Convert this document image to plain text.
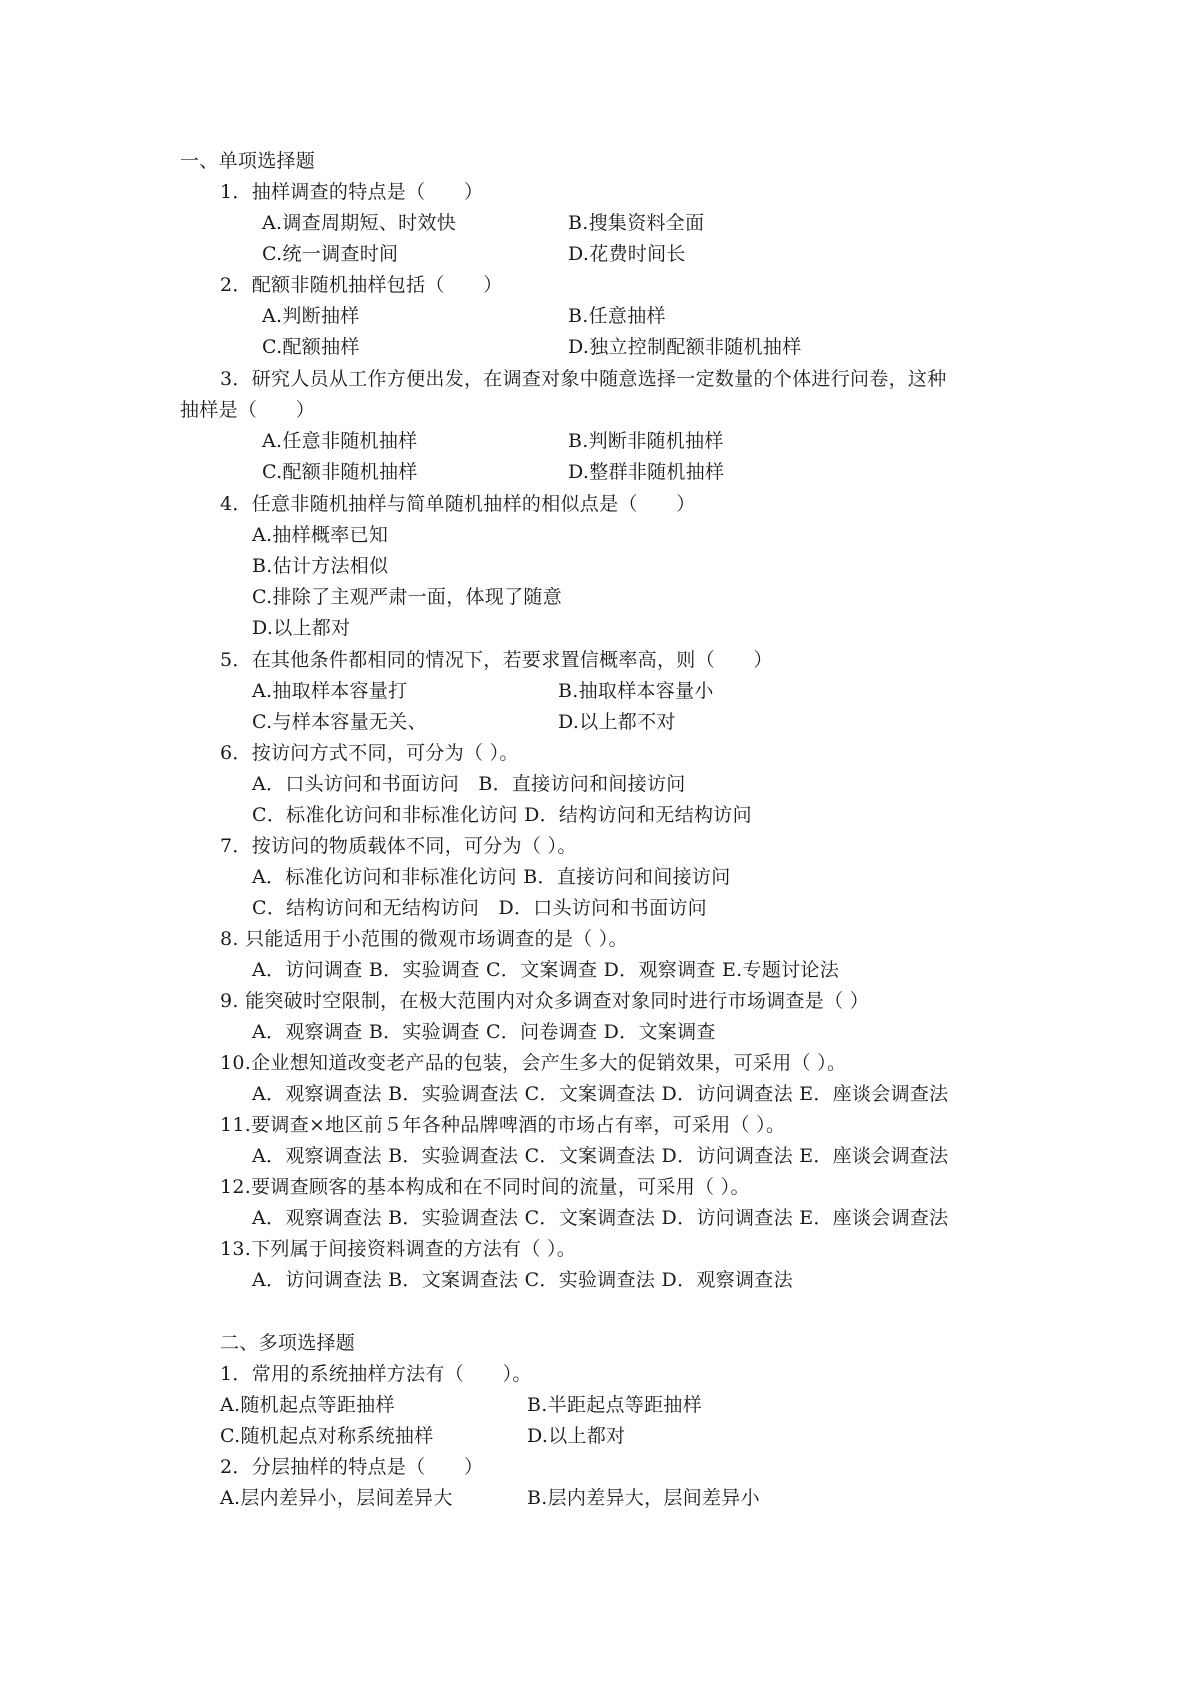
一、单项选择题
1．抽样调查的特点是（　　）
A.调查周期短、时效快	B.搜集资料全面
C.统一调查时间	D.花费时间长
2．配额非随机抽样包括（　　）
A.判断抽样	B.任意抽样
C.配额抽样	D.独立控制配额非随机抽样
3．研究人员从工作方便出发，在调查对象中随意选择一定数量的个体进行问卷，这种
抽样是（　　）
A.任意非随机抽样	B.判断非随机抽样
C.配额非随机抽样	D.整群非随机抽样
4．任意非随机抽样与简单随机抽样的相似点是（　　）
A.抽样概率已知
B.估计方法相似
C.排除了主观严肃一面，体现了随意
D.以上都对
5．在其他条件都相同的情况下，若要求置信概率高，则（　　）
A.抽取样本容量打	B.抽取样本容量小
C.与样本容量无关、	D.以上都不对
6．按访问方式不同，可分为（ ）。
A．口头访问和书面访问　B．直接访问和间接访问
C．标准化访问和非标准化访问 D．结构访问和无结构访问
7．按访问的物质载体不同，可分为（ ）。
A．标准化访问和非标准化访问 B．直接访问和间接访问
C．结构访问和无结构访问　D．口头访问和书面访问
8. 只能适用于小范围的微观市场调查的是（ ）。
A．访问调查 B．实验调查 C．文案调查 D．观察调查 E.专题讨论法
9. 能突破时空限制，在极大范围内对众多调查对象同时进行市场调查是（ ）
A．观察调查 B．实验调查 C．问卷调查 D．文案调查
10.企业想知道改变老产品的包装，会产生多大的促销效果，可采用（ ）。
A．观察调查法 B．实验调查法 C．文案调查法 D．访问调查法 E．座谈会调查法
11.要调查×地区前５年各种品牌啤酒的市场占有率，可采用（ ）。
A．观察调查法 B．实验调查法 C．文案调查法 D．访问调查法 E．座谈会调查法
12.要调查顾客的基本构成和在不同时间的流量，可采用（ ）。
A．观察调查法 B．实验调查法 C．文案调查法 D．访问调查法 E．座谈会调查法
13.下列属于间接资料调查的方法有（ ）。
A．访问调查法 B．文案调查法 C．实验调查法 D．观察调查法
二、多项选择题
1．常用的系统抽样方法有（　　）。
A.随机起点等距抽样	B.半距起点等距抽样
C.随机起点对称系统抽样	D.以上都对
2．分层抽样的特点是（　　）
A.层内差异小，层间差异大	B.层内差异大，层间差异小
